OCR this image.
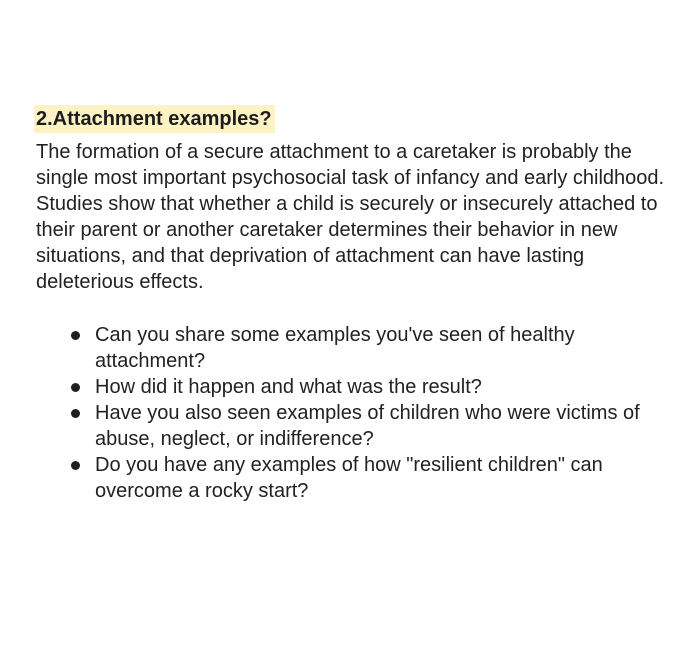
2.Attachment examples?

The formation of a secure attachment to a caretaker is probably the single most important psychosocial task of infancy and early childhood. Studies show that whether a child is securely or insecurely attached to their parent or another caretaker determines their behavior in new situations, and that deprivation of attachment can have lasting deleterious effects.

Can you share some examples you've seen of healthy attachment?
How did it happen and what was the result?
Have you also seen examples of children who were victims of abuse, neglect, or indifference?
Do you have any examples of how "resilient children" can overcome a rocky start?
